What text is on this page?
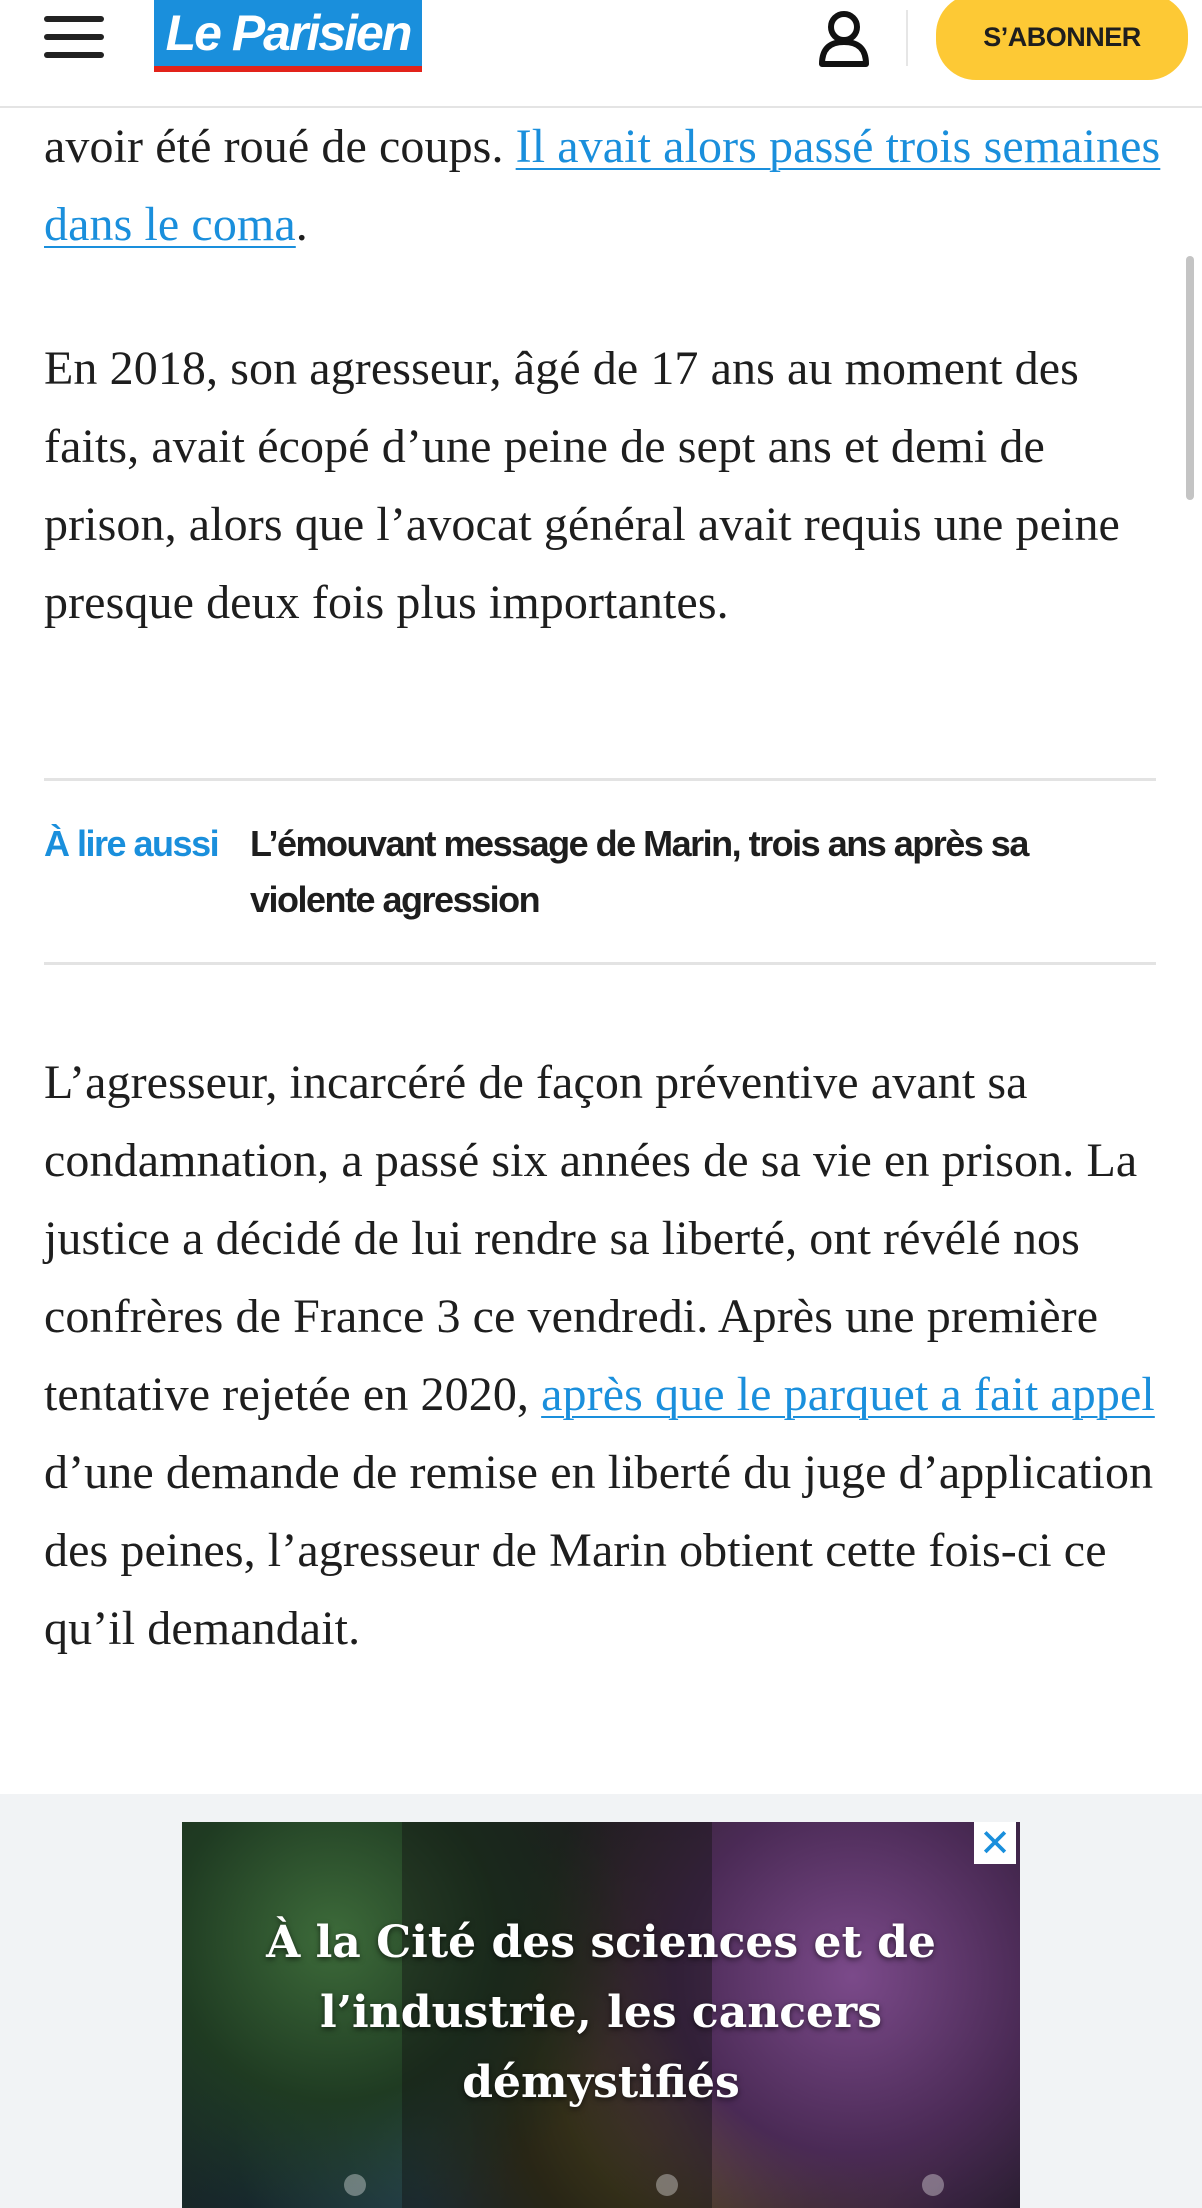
Le Parisien	S’ABONNER

avoir été roué de coups. Il avait alors passé trois semaines dans le coma.

En 2018, son agresseur, âgé de 17 ans au moment des faits, avait écopé d’une peine de sept ans et demi de prison, alors que l’avocat général avait requis une peine presque deux fois plus importantes.

À lire aussi L’émouvant message de Marin, trois ans après sa violente agression

L’agresseur, incarcéré de façon préventive avant sa condamnation, a passé six années de sa vie en prison. La justice a décidé de lui rendre sa liberté, ont révélé nos confrères de France 3 ce vendredi. Après une première tentative rejetée en 2020, après que le parquet a fait appel d’une demande de remise en liberté du juge d’application des peines, l’agresseur de Marin obtient cette fois-ci ce qu’il demandait.

À la Cité des sciences et de l’industrie, les cancers démystifiés
✕
